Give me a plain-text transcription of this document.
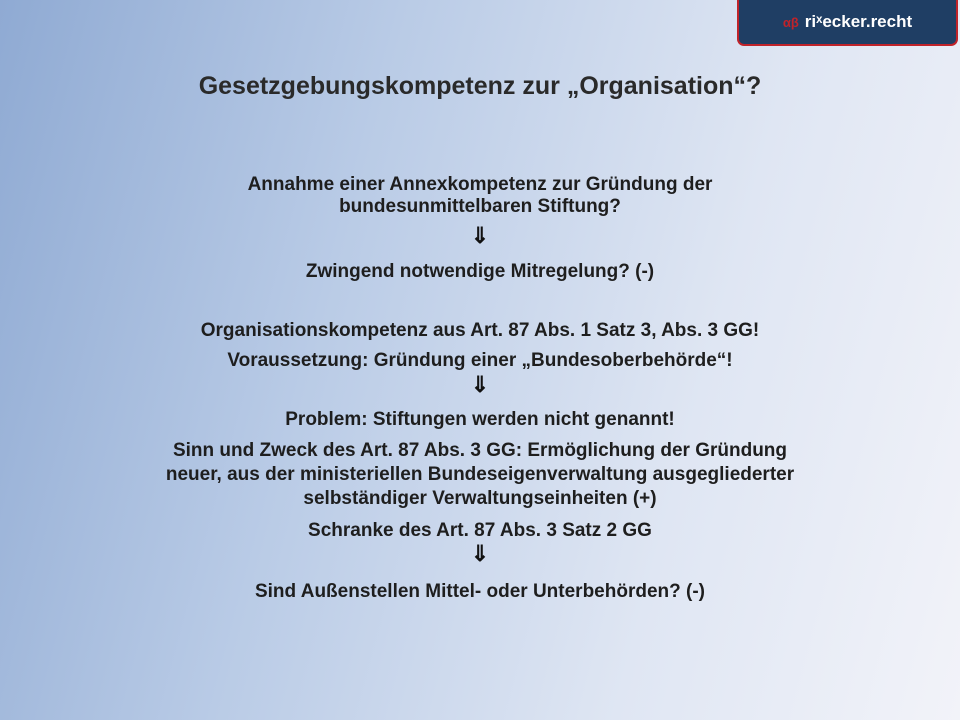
αβ riˣecker.recht
Gesetzgebungskompetenz zur „Organisation“?
Annahme einer Annexkompetenz zur Gründung der
bundesunmittelbaren Stiftung?
⇓
Zwingend notwendige Mitregelung? (-)
Organisationskompetenz aus Art. 87 Abs. 1 Satz 3, Abs. 3 GG!
Voraussetzung: Gründung einer „Bundesoberbehörde“!
⇓
Problem: Stiftungen werden nicht genannt!
Sinn und Zweck des Art. 87 Abs. 3 GG: Ermöglichung der Gründung
neuer, aus der ministeriellen Bundeseigenverwaltung ausgegliederter
selbständiger Verwaltungseinheiten (+)
Schranke des Art. 87 Abs. 3 Satz 2 GG
⇓
Sind Außenstellen Mittel- oder Unterbehörden? (-)
